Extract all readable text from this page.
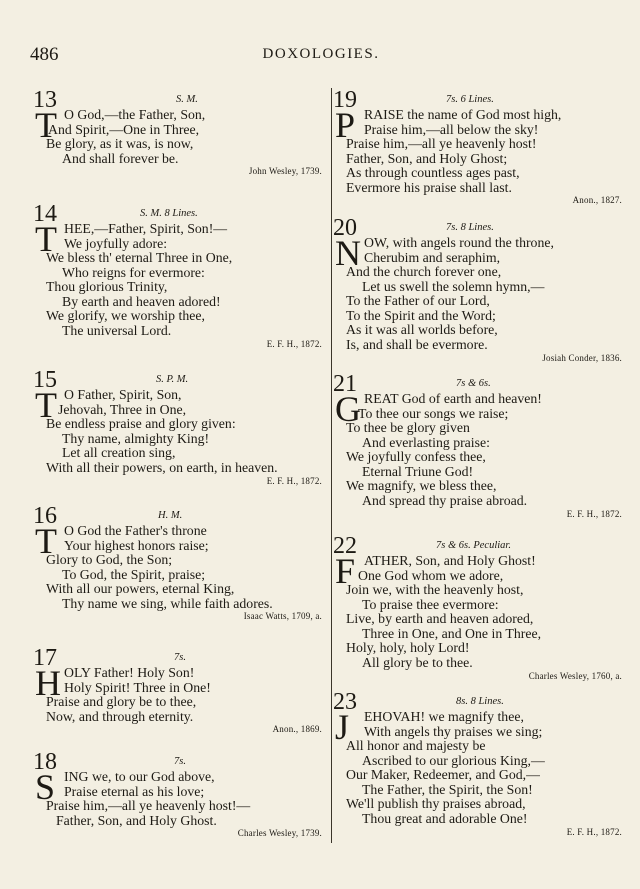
486	DOXOLOGIES.
13	S. M.
T O God,—the Father, Son,
And Spirit,—One in Three,
Be glory, as it was, is now,
And shall forever be.
John Wesley, 1739.
14	S. M. 8 Lines.
T HEE,—Father, Spirit, Son!—
We joyfully adore:
We bless th' eternal Three in One,
Who reigns for evermore:
Thou glorious Trinity,
By earth and heaven adored!
We glorify, we worship thee,
The universal Lord.
E. F. H., 1872.
15	S. P. M.
T O Father, Spirit, Son,
Jehovah, Three in One,
Be endless praise and glory given:
Thy name, almighty King!
Let all creation sing,
With all their powers, on earth, in heaven.
E. F. H., 1872.
16	H. M.
T O God the Father's throne
Your highest honors raise;
Glory to God, the Son;
To God, the Spirit, praise;
With all our powers, eternal King,
Thy name we sing, while faith adores.
Isaac Watts, 1709, a.
17	7s.
H OLY Father! Holy Son!
Holy Spirit! Three in One!
Praise and glory be to thee,
Now, and through eternity.
Anon., 1869.
18	7s.
S ING we, to our God above,
Praise eternal as his love;
Praise him,—all ye heavenly host!—
Father, Son, and Holy Ghost.
Charles Wesley, 1739.
19	7s. 6 Lines.
P RAISE the name of God most high,
Praise him,—all below the sky!
Praise him,—all ye heavenly host!
Father, Son, and Holy Ghost;
As through countless ages past,
Evermore his praise shall last.
Anon., 1827.
20	7s. 8 Lines.
N OW, with angels round the throne,
Cherubim and seraphim,
And the church forever one,
Let us swell the solemn hymn,—
To the Father of our Lord,
To the Spirit and the Word;
As it was all worlds before,
Is, and shall be evermore.
Josiah Conder, 1836.
21	7s & 6s.
G REAT God of earth and heaven!
To thee our songs we raise;
To thee be glory given
And everlasting praise:
We joyfully confess thee,
Eternal Triune God!
We magnify, we bless thee,
And spread thy praise abroad.
E. F. H., 1872.
22	7s & 6s. Peculiar.
F ATHER, Son, and Holy Ghost!
One God whom we adore,
Join we, with the heavenly host,
To praise thee evermore:
Live, by earth and heaven adored,
Three in One, and One in Three,
Holy, holy, holy Lord!
All glory be to thee.
Charles Wesley, 1760, a.
23	8s. 8 Lines.
J	EHOVAH! we magnify thee,
With angels thy praises we sing;
All honor and majesty be
Ascribed to our glorious King,—
Our Maker, Redeemer, and God,—
The Father, the Spirit, the Son!
We'll publish thy praises abroad,
Thou great and adorable One!
E. F. H., 1872.
